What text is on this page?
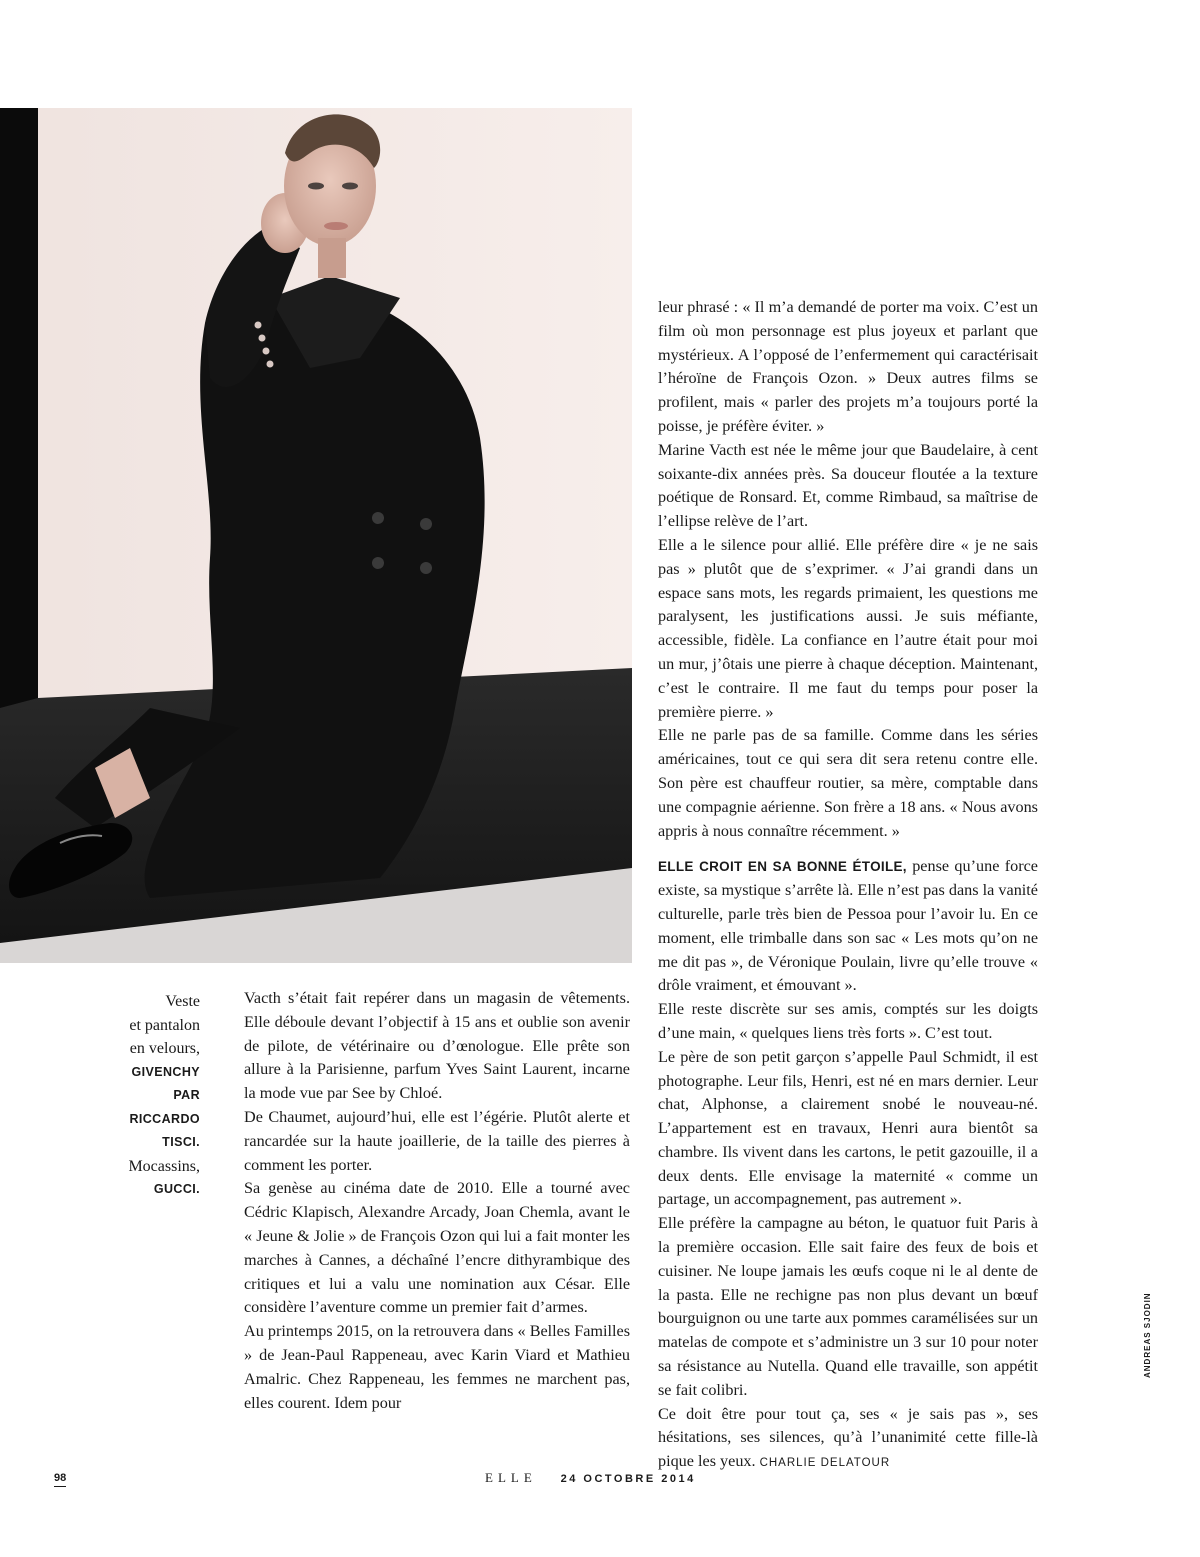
Veste
et pantalon
en velours,
GIVENCHY
PAR RICCARDO
TISCI.
Mocassins,
GUCCI.

Vacth s’était fait repérer dans un magasin de vêtements. Elle déboule devant l’objectif à 15 ans et oublie son avenir de pilote, de vétérinaire ou d’œnologue. Elle prête son allure à la Parisienne, parfum Yves Saint Laurent, incarne la mode vue par See by Chloé.

De Chaumet, aujourd’hui, elle est l’égérie. Plutôt alerte et rancardée sur la haute joaillerie, de la taille des pierres à comment les porter.

Sa genèse au cinéma date de 2010. Elle a tourné avec Cédric Klapisch, Alexandre Arcady, Joan Chemla, avant le « Jeune & Jolie » de François Ozon qui lui a fait monter les marches à Cannes, a déchaîné l’encre dithyrambique des critiques et lui a valu une nomination aux César. Elle considère l’aventure comme un premier fait d’armes.

Au printemps 2015, on la retrouvera dans « Belles Familles » de Jean-Paul Rappeneau, avec Karin Viard et Mathieu Amalric. Chez Rappeneau, les femmes ne marchent pas, elles courent. Idem pour

leur phrasé : « Il m’a demandé de porter ma voix. C’est un film où mon personnage est plus joyeux et parlant que mystérieux. A l’opposé de l’enfermement qui caractérisait l’héroïne de François Ozon. » Deux autres films se profilent, mais « parler des projets m’a toujours porté la poisse, je préfère éviter. »

Marine Vacth est née le même jour que Baudelaire, à cent soixante-dix années près. Sa douceur floutée a la texture poétique de Ronsard. Et, comme Rimbaud, sa maîtrise de l’ellipse relève de l’art.

Elle a le silence pour allié. Elle préfère dire « je ne sais pas » plutôt que de s’exprimer. « J’ai grandi dans un espace sans mots, les regards primaient, les questions me paralysent, les justifications aussi. Je suis méfiante, accessible, fidèle. La confiance en l’autre était pour moi un mur, j’ôtais une pierre à chaque déception. Maintenant, c’est le contraire. Il me faut du temps pour poser la première pierre. »

Elle ne parle pas de sa famille. Comme dans les séries américaines, tout ce qui sera dit sera retenu contre elle. Son père est chauffeur routier, sa mère, comptable dans une compagnie aérienne. Son frère a 18 ans. « Nous avons appris à nous connaître récemment. »

ELLE CROIT EN SA BONNE ÉTOILE, pense qu’une force existe, sa mystique s’arrête là. Elle n’est pas dans la vanité culturelle, parle très bien de Pessoa pour l’avoir lu. En ce moment, elle trimballe dans son sac « Les mots qu’on ne me dit pas », de Véronique Poulain, livre qu’elle trouve « drôle vraiment, et émouvant ».

Elle reste discrète sur ses amis, comptés sur les doigts d’une main, « quelques liens très forts ». C’est tout.

Le père de son petit garçon s’appelle Paul Schmidt, il est photographe. Leur fils, Henri, est né en mars dernier. Leur chat, Alphonse, a clairement snobé le nouveau-né. L’appartement est en travaux, Henri aura bientôt sa chambre. Ils vivent dans les cartons, le petit gazouille, il a deux dents. Elle envisage la maternité « comme un partage, un accompagnement, pas autrement ».

Elle préfère la campagne au béton, le quatuor fuit Paris à la première occasion. Elle sait faire des feux de bois et cuisiner. Ne loupe jamais les œufs coque ni le al dente de la pasta. Elle ne rechigne pas non plus devant un bœuf bourguignon ou une tarte aux pommes caramélisées sur un matelas de compote et s’administre un 3 sur 10 pour noter sa résistance au Nutella. Quand elle travaille, son appétit se fait colibri.

Ce doit être pour tout ça, ses « je sais pas », ses hésitations, ses silences, qu’à l’unanimité cette fille-là pique les yeux. CHARLIE DELATOUR

ANDREAS SJODIN
98	ELLE 24 OCTOBRE 2014
